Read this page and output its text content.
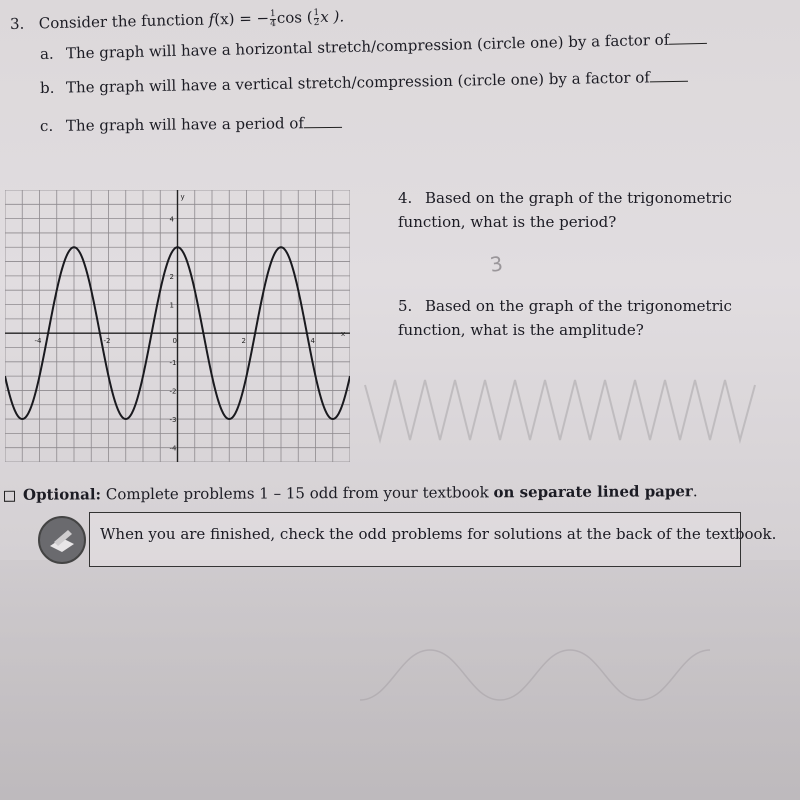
3. Consider the function f(x) = − $\frac{1}{4}$ cos ( $\frac{1}{2}$ x ).
a. The graph will have a horizontal stretch/compression (circle one) by a factor of
b. The graph will have a vertical stretch/compression (circle one) by a factor of
c. The graph will have a period of
-4	-2	0	2	4
4
2
1
-1
-2
-3
-4
x
y	4. Based on the graph of the trigonometric function, what is the period?
3
5. Based on the graph of the trigonometric function, what is the amplitude?
Optional: Complete problems 1 – 15 odd from your textbook on separate lined paper.
When you are finished, check the odd problems for solutions at the back of the textbook.
